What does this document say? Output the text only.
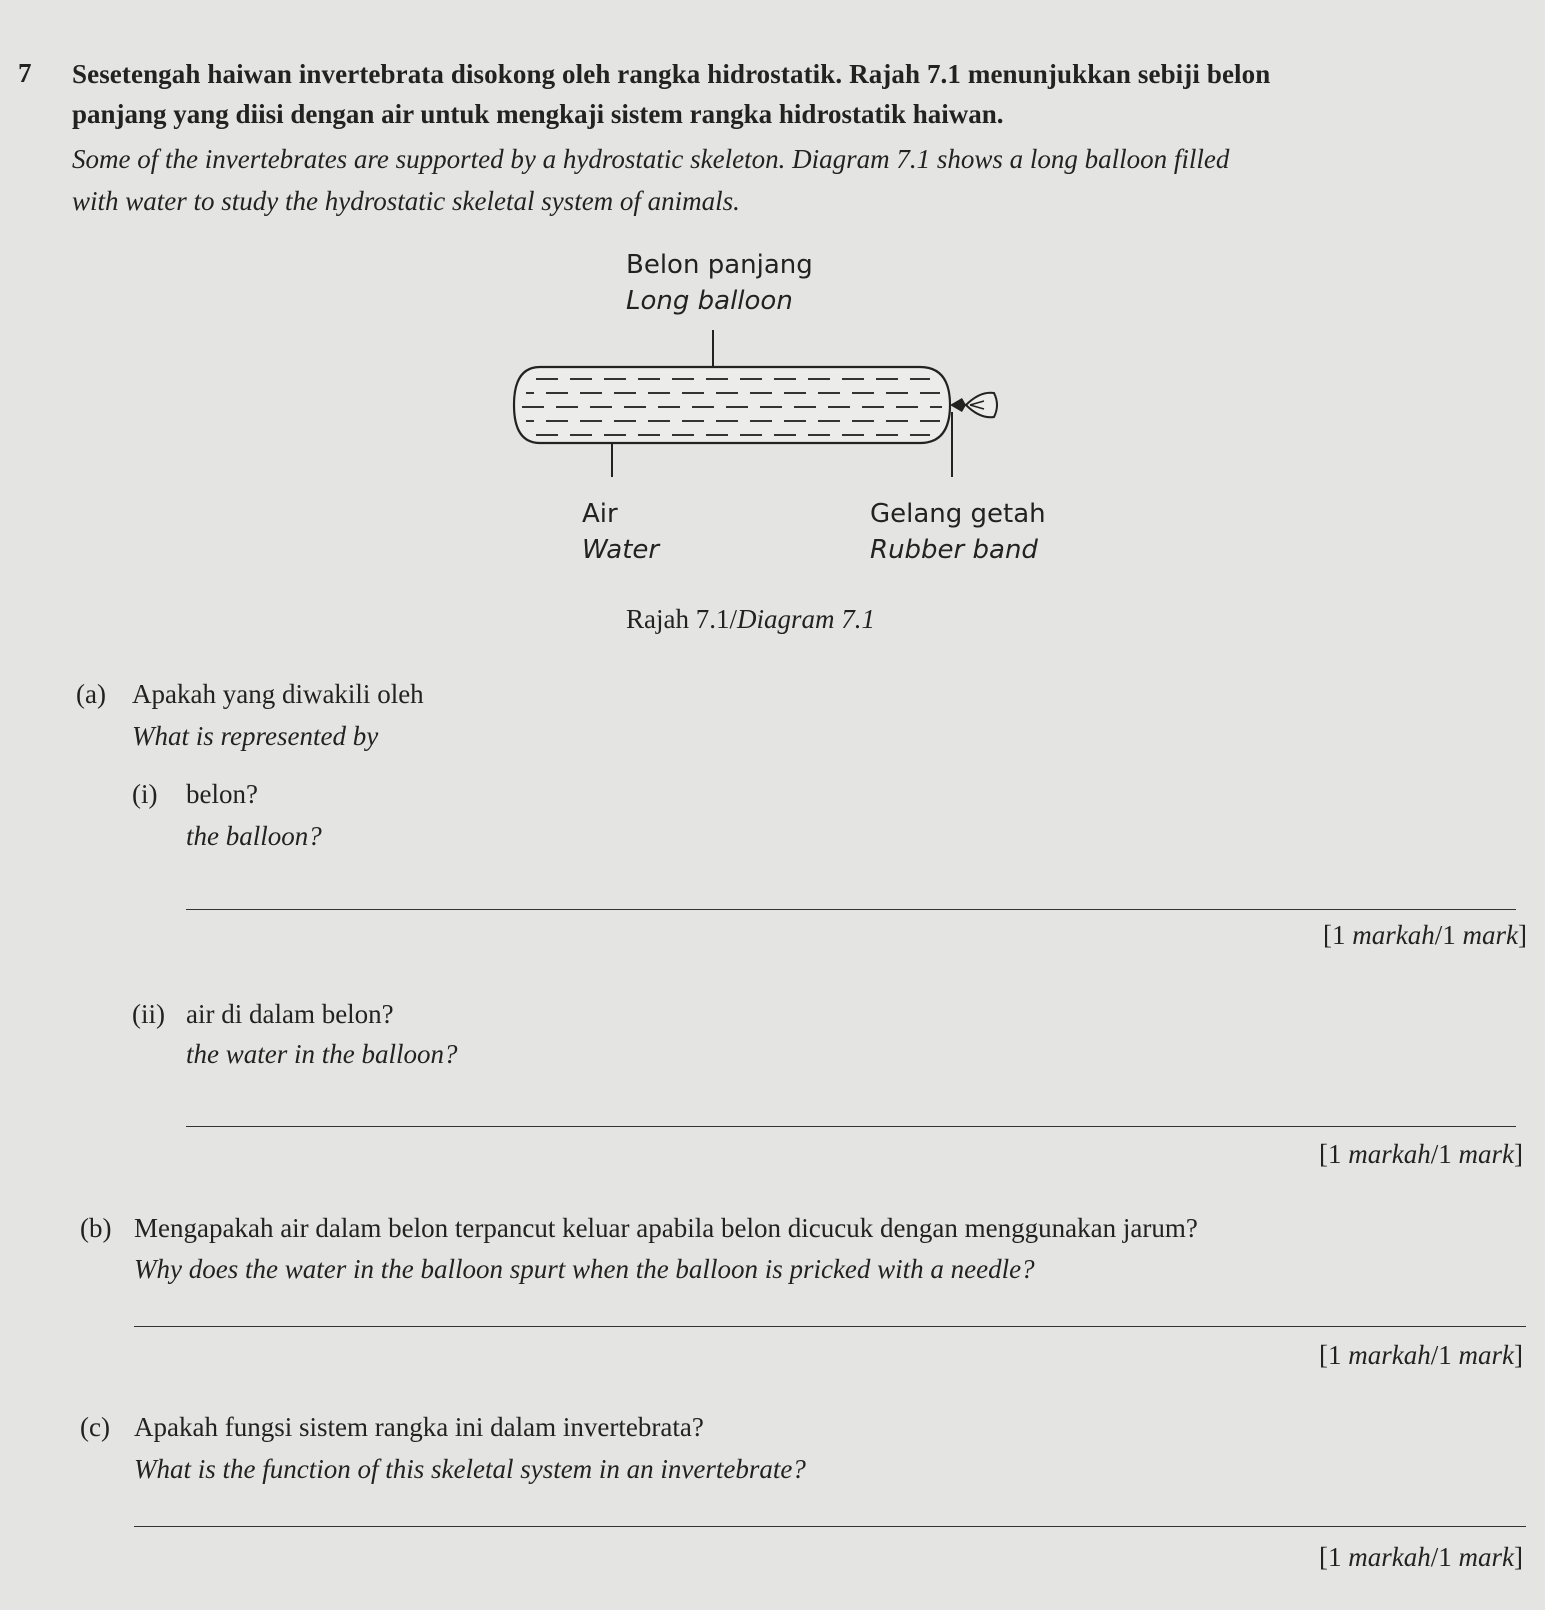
7 Sesetengah haiwan invertebrata disokong oleh rangka hidrostatik. Rajah 7.1 menunjukkan sebiji belon
panjang yang diisi dengan air untuk mengkaji sistem rangka hidrostatik haiwan.
Some of the invertebrates are supported by a hydrostatic skeleton. Diagram 7.1 shows a long balloon filled
with water to study the hydrostatic skeletal system of animals.
Belon panjang
Long balloon
Air
Water
Gelang getah
Rubber band
Rajah 7.1/Diagram 7.1
(a) Apakah yang diwakili oleh
What is represented by
(i) belon?
the balloon?
[1 markah/1 mark]
(ii) air di dalam belon?
the water in the balloon?
[1 markah/1 mark]
(b) Mengapakah air dalam belon terpancut keluar apabila belon dicucuk dengan menggunakan jarum?
Why does the water in the balloon spurt when the balloon is pricked with a needle?
[1 markah/1 mark]
(c) Apakah fungsi sistem rangka ini dalam invertebrata?
What is the function of this skeletal system in an invertebrate?
[1 markah/1 mark]
